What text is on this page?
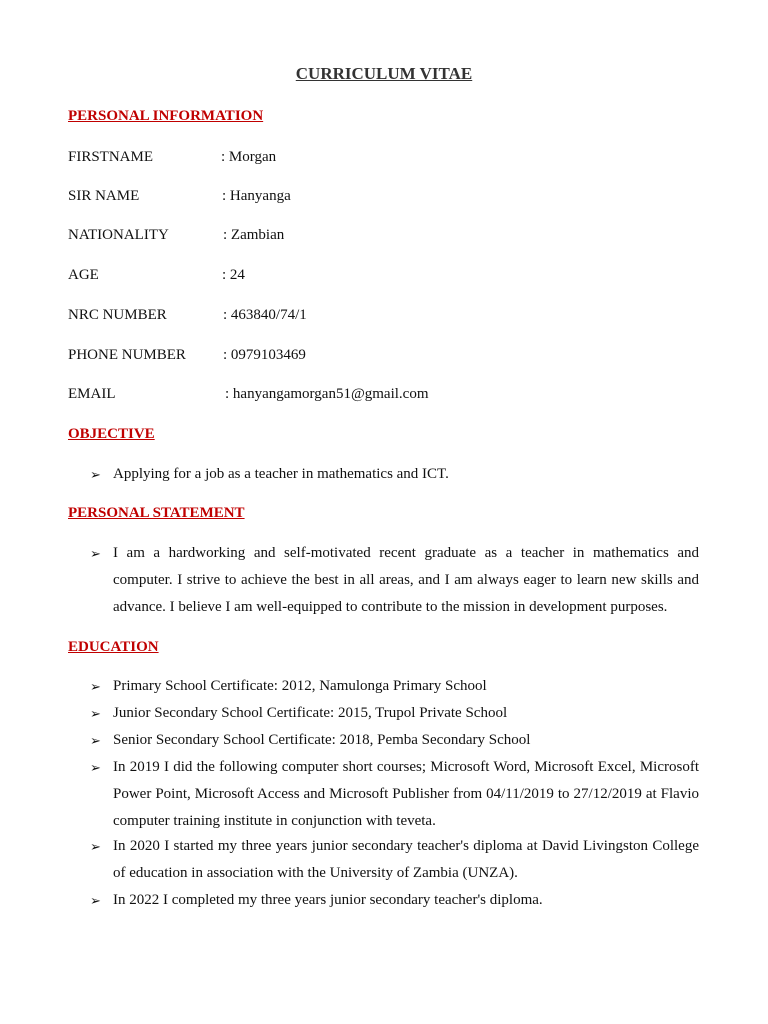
CURRICULUM VITAE
PERSONAL INFORMATION
FIRSTNAME	: Morgan
SIR NAME	: Hanyanga
NATIONALITY	: Zambian
AGE	: 24
NRC NUMBER	: 463840/74/1
PHONE NUMBER : 0979103469
EMAIL	: hanyangamorgan51@gmail.com
OBJECTIVE
➢ Applying for a job as a teacher in mathematics and ICT.
PERSONAL STATEMENT
➢ I am a hardworking and self-motivated recent graduate as a teacher in mathematics and computer. I strive to achieve the best in all areas, and I am always eager to learn new skills and advance. I believe I am well-equipped to contribute to the mission in development purposes.
EDUCATION
➢ Primary School Certificate: 2012, Namulonga Primary School
➢ Junior Secondary School Certificate: 2015, Trupol Private School
➢ Senior Secondary School Certificate: 2018, Pemba Secondary School
➢ In 2019 I did the following computer short courses; Microsoft Word, Microsoft Excel, Microsoft Power Point, Microsoft Access and Microsoft Publisher from 04/11/2019 to 27/12/2019 at Flavio computer training institute in conjunction with teveta.
➢ In 2020 I started my three years junior secondary teacher's diploma at David Livingston College of education in association with the University of Zambia (UNZA).
➢ In 2022 I completed my three years junior secondary teacher's diploma.
